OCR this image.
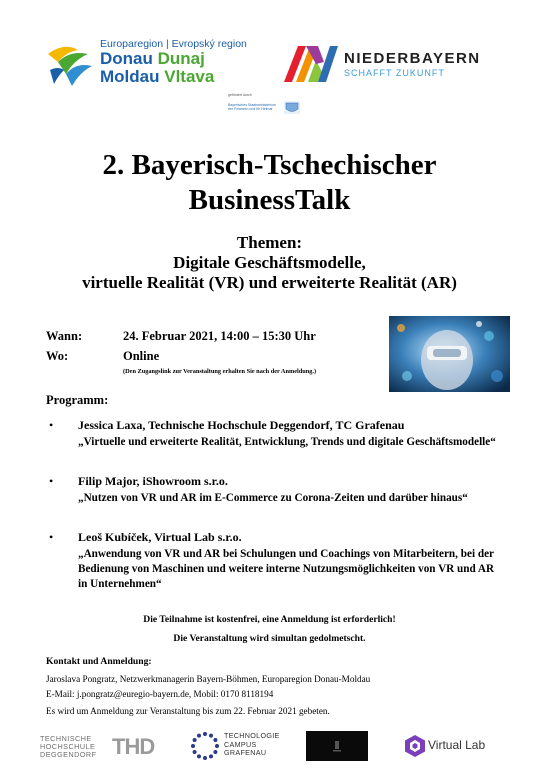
Europaregion | Evropský region
Donau Dunaj
Moldau Vltava
NIEDERBAYERN
SCHAFFT ZUKUNFT
gefördert durch
Bayerisches Staatsministerium
der Finanzen und für Heimat
2. Bayerisch-Tschechischer
BusinessTalk
Themen:
Digitale Geschäftsmodelle,
virtuelle Realität (VR) und erweiterte Realität (AR)
Wann:	24. Februar 2021, 14:00 – 15:30 Uhr
Wo:	Online
(Den Zugangslink zur Veranstaltung erhalten Sie nach der Anmeldung.)
Programm:
• Jessica Laxa, Technische Hochschule Deggendorf, TC Grafenau
„Virtuelle und erweiterte Realität, Entwicklung, Trends und digitale Geschäftsmodelle“
• Filip Major, iShowroom s.r.o.
„Nutzen von VR und AR im E-Commerce zu Corona-Zeiten und darüber hinaus“
• Leoš Kubíček, Virtual Lab s.r.o.
„Anwendung von VR und AR bei Schulungen und Coachings von Mitarbeitern, bei der Bedienung von Maschinen und weitere interne Nutzungsmöglichkeiten von VR und AR in Unternehmen“
Die Teilnahme ist kostenfrei, eine Anmeldung ist erforderlich!
Die Veranstaltung wird simultan gedolmetscht.
Kontakt und Anmeldung:
Jaroslava Pongratz, Netzwerkmanagerin Bayern-Böhmen, Europaregion Donau-Moldau
E-Mail: j.pongratz@euregio-bayern.de, Mobil: 0170 8118194
Es wird um Anmeldung zur Veranstaltung bis zum 22. Februar 2021 gebeten.
TECHNISCHE
HOCHSCHULE
DEGGENDORF THD	TECHNOLOGIE
CAMPUS
GRAFENAU
Virtual Lab
